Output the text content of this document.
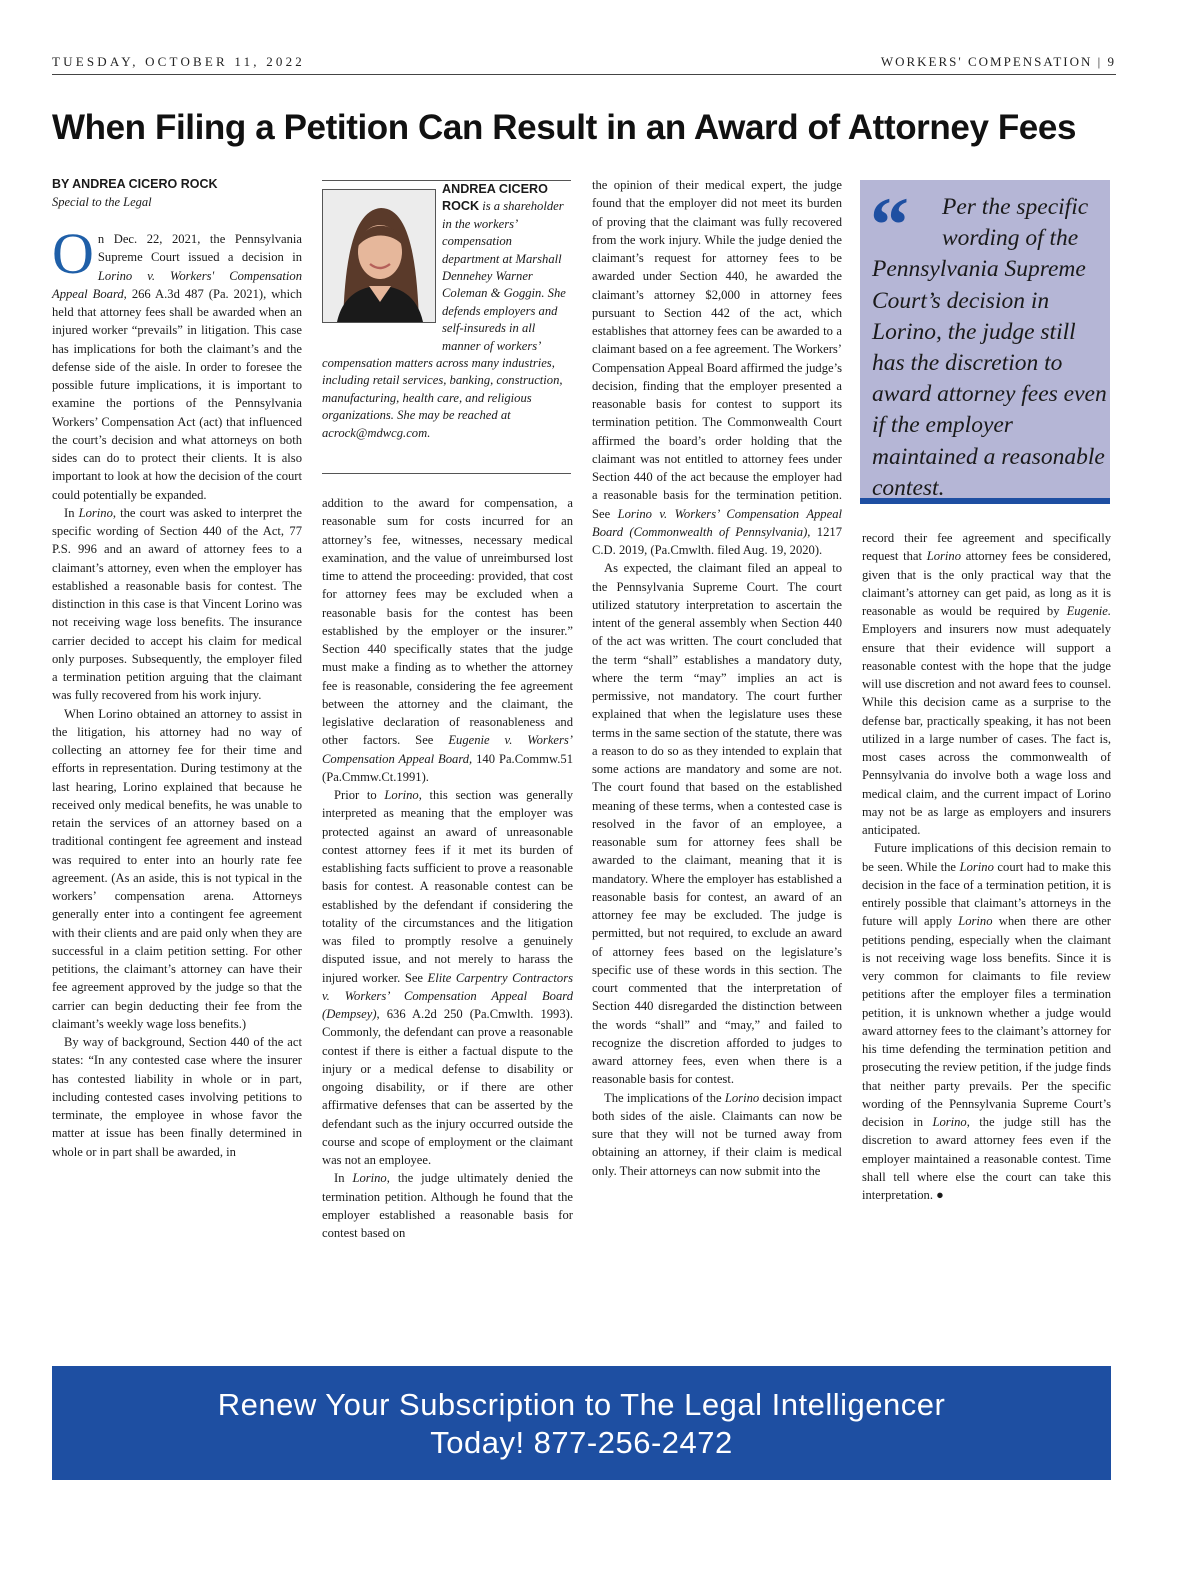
TUESDAY, OCTOBER 11, 2022	WORKERS' COMPENSATION | 9
When Filing a Petition Can Result in an Award of Attorney Fees
BY ANDREA CICERO ROCK
Special to the Legal

On Dec. 22, 2021, the Pennsylvania Supreme Court issued a decision in Lorino v. Workers' Compensation Appeal Board, 266 A.3d 487 (Pa. 2021), which held that attorney fees shall be awarded when an injured worker “prevails” in litigation. This case has implications for both the claimant’s and the defense side of the aisle. In order to foresee the possible future implications, it is important to examine the portions of the Pennsylvania Workers’ Compensation Act (act) that influenced the court’s decision and what attorneys on both sides can do to protect their clients. It is also important to look at how the decision of the court could potentially be expanded.

In Lorino, the court was asked to interpret the specific wording of Section 440 of the Act, 77 P.S. 996 and an award of attorney fees to a claimant’s attorney, even when the employer has established a reasonable basis for contest. The distinction in this case is that Vincent Lorino was not receiving wage loss benefits. The insurance carrier decided to accept his claim for medical only purposes. Subsequently, the employer filed a termination petition arguing that the claimant was fully recovered from his work injury.

When Lorino obtained an attorney to assist in the litigation, his attorney had no way of collecting an attorney fee for their time and efforts in representation. During testimony at the last hearing, Lorino explained that because he received only medical benefits, he was unable to retain the services of an attorney based on a traditional contingent fee agreement and instead was required to enter into an hourly rate fee agreement. (As an aside, this is not typical in the workers’ compensation arena. Attorneys generally enter into a contingent fee agreement with their clients and are paid only when they are successful in a claim petition setting. For other petitions, the claimant’s attorney can have their fee agreement approved by the judge so that the carrier can begin deducting their fee from the claimant’s weekly wage loss benefits.)

By way of background, Section 440 of the act states: “In any contested case where the insurer has contested liability in whole or in part, including contested cases involving petitions to terminate, the employee in whose favor the matter at issue has been finally determined in whole or in part shall be awarded, in

ANDREA CICERO ROCK is a shareholder in the workers’ compensation department at Marshall Dennehey Warner Coleman & Goggin. She defends employers and self-insureds in all manner of workers’ compensation matters across many industries, including retail services, banking, construction, manufacturing, health care, and religious organizations. She may be reached at acrock@mdwcg.com.

addition to the award for compensation, a reasonable sum for costs incurred for an attorney’s fee, witnesses, necessary medical examination, and the value of unreimbursed lost time to attend the proceeding: provided, that cost for attorney fees may be excluded when a reasonable basis for the contest has been established by the employer or the insurer.” Section 440 specifically states that the judge must make a finding as to whether the attorney fee is reasonable, considering the fee agreement between the attorney and the claimant, the legislative declaration of reasonableness and other factors. See Eugenie v. Workers’ Compensation Appeal Board, 140 Pa.Commw.51 (Pa.Cmmw.Ct.1991).

Prior to Lorino, this section was generally interpreted as meaning that the employer was protected against an award of unreasonable contest attorney fees if it met its burden of establishing facts sufficient to prove a reasonable basis for contest. A reasonable contest can be established by the defendant if considering the totality of the circumstances and the litigation was filed to promptly resolve a genuinely disputed issue, and not merely to harass the injured worker. See Elite Carpentry Contractors v. Workers’ Compensation Appeal Board (Dempsey), 636 A.2d 250 (Pa.Cmwlth. 1993). Commonly, the defendant can prove a reasonable contest if there is either a factual dispute to the injury or a medical defense to disability or ongoing disability, or if there are other affirmative defenses that can be asserted by the defendant such as the injury occurred outside the course and scope of employment or the claimant was not an employee.

In Lorino, the judge ultimately denied the termination petition. Although he found that the employer established a reasonable basis for contest based on

the opinion of their medical expert, the judge found that the employer did not meet its burden of proving that the claimant was fully recovered from the work injury. While the judge denied the claimant’s request for attorney fees to be awarded under Section 440, he awarded the claimant’s attorney $2,000 in attorney fees pursuant to Section 442 of the act, which establishes that attorney fees can be awarded to a claimant based on a fee agreement. The Workers’ Compensation Appeal Board affirmed the judge’s decision, finding that the employer presented a reasonable basis for contest to support its termination petition. The Commonwealth Court affirmed the board’s order holding that the claimant was not entitled to attorney fees under Section 440 of the act because the employer had a reasonable basis for the termination petition. See Lorino v. Workers’ Compensation Appeal Board (Commonwealth of Pennsylvania), 1217 C.D. 2019, (Pa.Cmwlth. filed Aug. 19, 2020).

As expected, the claimant filed an appeal to the Pennsylvania Supreme Court. The court utilized statutory interpretation to ascertain the intent of the general assembly when Section 440 of the act was written. The court concluded that the term “shall” establishes a mandatory duty, where the term “may” implies an act is permissive, not mandatory. The court further explained that when the legislature uses these terms in the same section of the statute, there was a reason to do so as they intended to explain that some actions are mandatory and some are not. The court found that based on the established meaning of these terms, when a contested case is resolved in the favor of an employee, a reasonable sum for attorney fees shall be awarded to the claimant, meaning that it is mandatory. Where the employer has established a reasonable basis for contest, an award of an attorney fee may be excluded. The judge is permitted, but not required, to exclude an award of attorney fees based on the legislature’s specific use of these words in this section. The court commented that the interpretation of Section 440 disregarded the distinction between the words “shall” and “may,” and failed to recognize the discretion afforded to judges to award attorney fees, even when there is a reasonable basis for contest.

The implications of the Lorino decision impact both sides of the aisle. Claimants can now be sure that they will not be turned away from obtaining an attorney, if their claim is medical only. Their attorneys can now submit into the

“	Per the specific wording of the Pennsylvania Supreme Court’s decision in Lorino, the judge still has the discretion to award attorney fees even if the employer maintained a reasonable contest.

record their fee agreement and specifically request that Lorino attorney fees be considered, given that is the only practical way that the claimant’s attorney can get paid, as long as it is reasonable as would be required by Eugenie. Employers and insurers now must adequately ensure that their evidence will support a reasonable contest with the hope that the judge will use discretion and not award fees to counsel. While this decision came as a surprise to the defense bar, practically speaking, it has not been utilized in a large number of cases. The fact is, most cases across the commonwealth of Pennsylvania do involve both a wage loss and medical claim, and the current impact of Lorino may not be as large as employers and insurers anticipated.

Future implications of this decision remain to be seen. While the Lorino court had to make this decision in the face of a termination petition, it is entirely possible that claimant’s attorneys in the future will apply Lorino when there are other petitions pending, especially when the claimant is not receiving wage loss benefits. Since it is very common for claimants to file review petitions after the employer files a termination petition, it is unknown whether a judge would award attorney fees to the claimant’s attorney for his time defending the termination petition and prosecuting the review petition, if the judge finds that neither party prevails. Per the specific wording of the Pennsylvania Supreme Court’s decision in Lorino, the judge still has the discretion to award attorney fees even if the employer maintained a reasonable contest. Time shall tell where else the court can take this interpretation. ●

Renew Your Subscription to The Legal Intelligencer
Today! 877-256-2472
